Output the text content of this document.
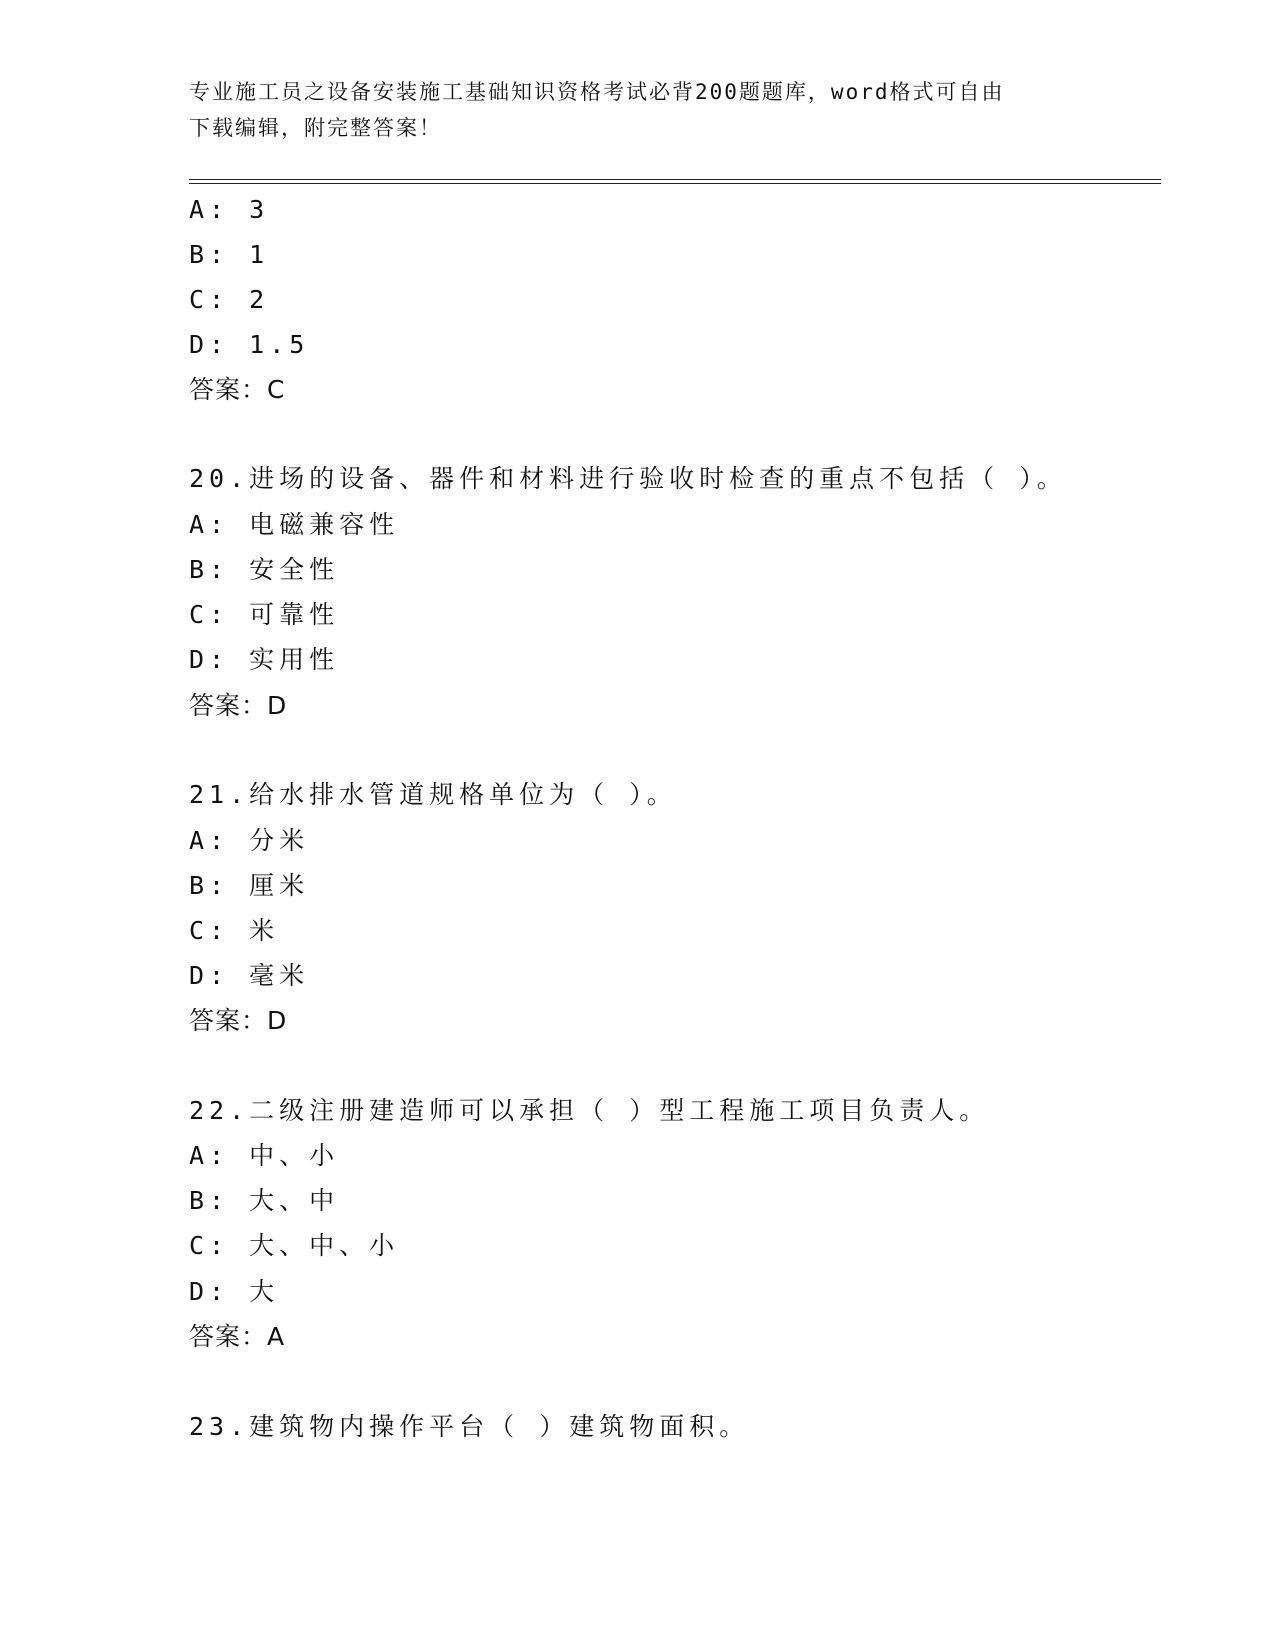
专业施工员之设备安装施工基础知识资格考试必背200题题库，word格式可自由
下载编辑，附完整答案！
A: 3
B: 1
C: 2
D: 1.5
答案：C
20.进场的设备、器件和材料进行验收时检查的重点不包括（ ）。
A: 电磁兼容性
B: 安全性
C: 可靠性
D: 实用性
答案：D
21.给水排水管道规格单位为（ ）。
A: 分米
B: 厘米
C: 米
D: 毫米
答案：D
22.二级注册建造师可以承担（ ）型工程施工项目负责人。
A: 中、小
B: 大、中
C: 大、中、小
D: 大
答案：A
23.建筑物内操作平台（ ）建筑物面积。
